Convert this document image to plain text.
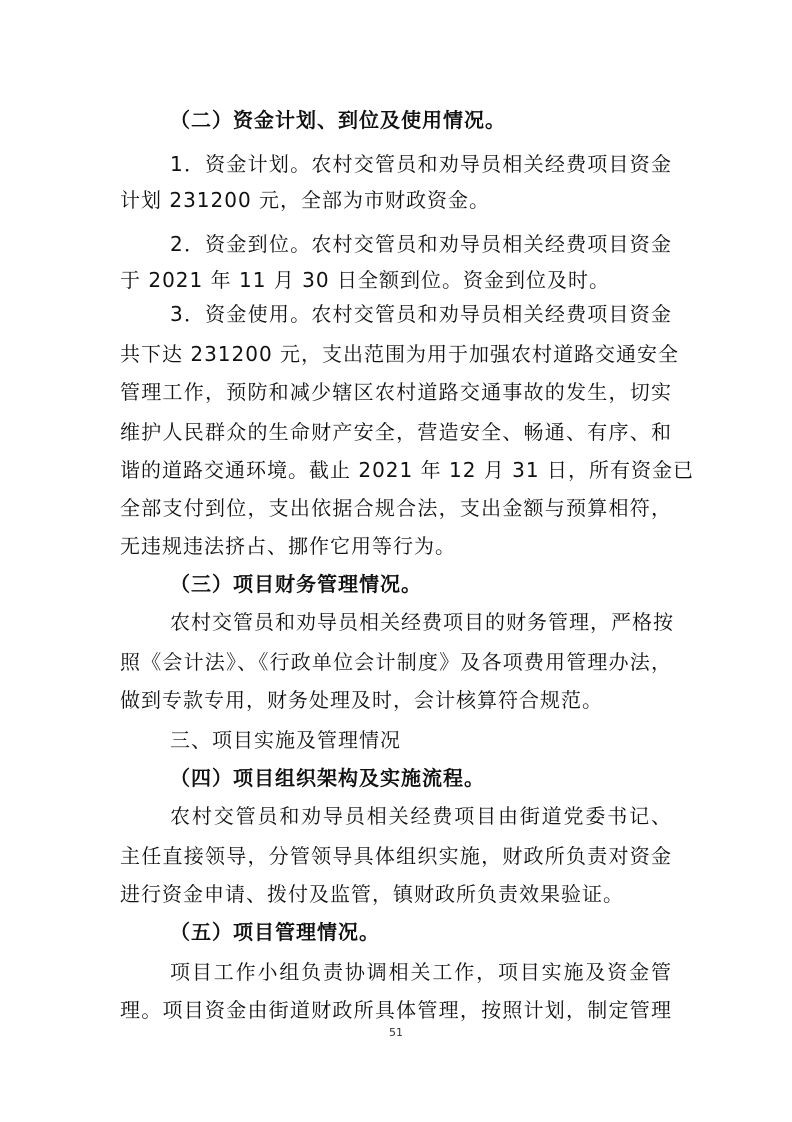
（二）资金计划、到位及使用情况。
1．资金计划。农村交管员和劝导员相关经费项目资金
计划 231200 元，全部为市财政资金。
2．资金到位。农村交管员和劝导员相关经费项目资金
于 2021 年 11 月 30 日全额到位。资金到位及时。
3．资金使用。农村交管员和劝导员相关经费项目资金
共下达 231200 元，支出范围为用于加强农村道路交通安全
管理工作，预防和减少辖区农村道路交通事故的发生，切实
维护人民群众的生命财产安全，营造安全、畅通、有序、和
谐的道路交通环境。截止 2021 年 12 月 31 日，所有资金已
全部支付到位，支出依据合规合法，支出金额与预算相符，
无违规违法挤占、挪作它用等行为。
（三）项目财务管理情况。
农村交管员和劝导员相关经费项目的财务管理，严格按
照《会计法》、《行政单位会计制度》及各项费用管理办法，
做到专款专用，财务处理及时，会计核算符合规范。
三、项目实施及管理情况
（四）项目组织架构及实施流程。
农村交管员和劝导员相关经费项目由街道党委书记、
主任直接领导，分管领导具体组织实施，财政所负责对资金
进行资金申请、拨付及监管，镇财政所负责效果验证。
（五）项目管理情况。
项目工作小组负责协调相关工作，项目实施及资金管
理。项目资金由街道财政所具体管理，按照计划，制定管理
51
